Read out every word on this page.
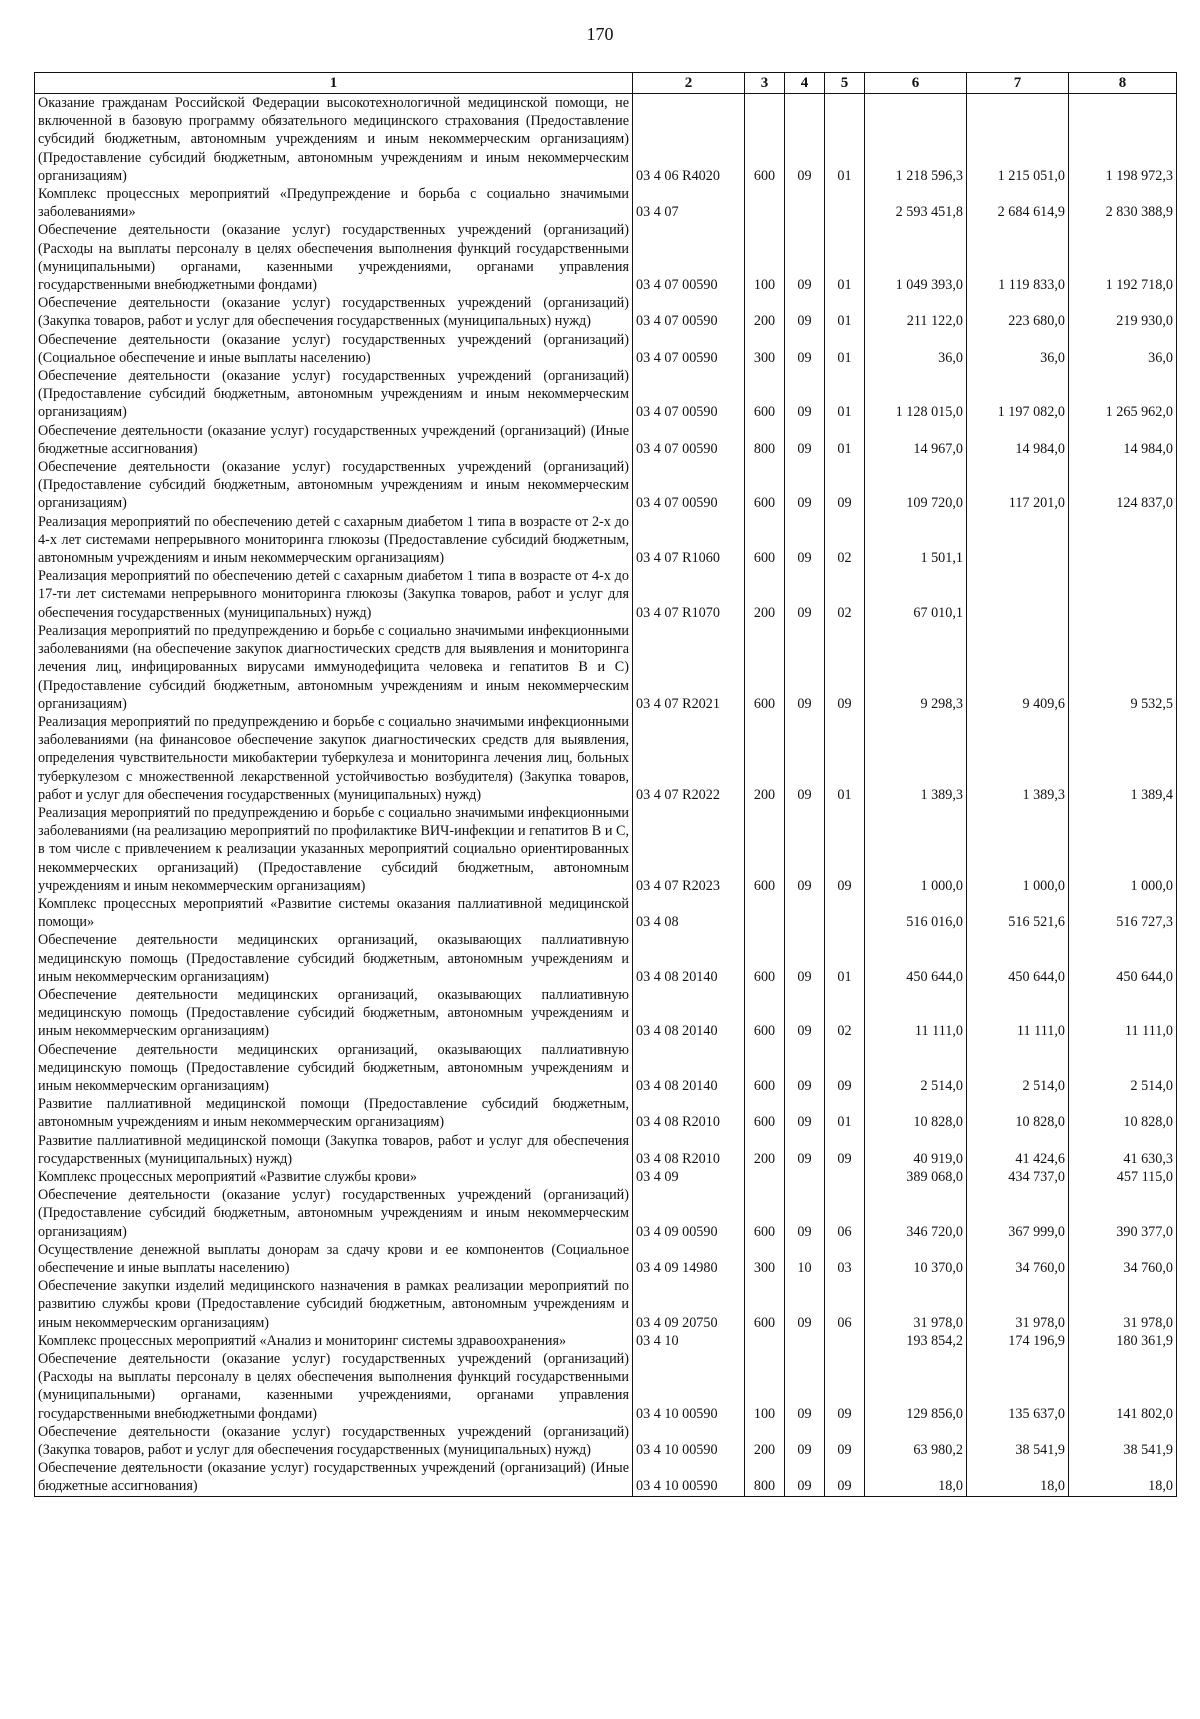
170
1	2	3	4	5	6	7	8
Оказание гражданам Российской Федерации высокотехнологичной медицинской помощи, не включенной в базовую программу обязательного медицинского страхования (Предоставление субсидий бюджетным, автономным учреждениям и иным некоммерческим организациям) (Предоставление субсидий бюджетным, автономным учреждениям и иным некоммерческим организациям)	03 4 06 R4020	600	09	01	1 218 596,3	1 215 051,0	1 198 972,3
Комплекс процессных мероприятий «Предупреждение и борьба с социально значимыми заболеваниями»	03 4 07				2 593 451,8	2 684 614,9	2 830 388,9
Обеспечение деятельности (оказание услуг) государственных учреждений (организаций) (Расходы на выплаты персоналу в целях обеспечения выполнения функций государственными (муниципальными) органами, казенными учреждениями, органами управления государственными внебюджетными фондами)	03 4 07 00590	100	09	01	1 049 393,0	1 119 833,0	1 192 718,0
Обеспечение деятельности (оказание услуг) государственных учреждений (организаций) (Закупка товаров, работ и услуг для обеспечения государственных (муниципальных) нужд)	03 4 07 00590	200	09	01	211 122,0	223 680,0	219 930,0
Обеспечение деятельности (оказание услуг) государственных учреждений (организаций) (Социальное обеспечение и иные выплаты населению)	03 4 07 00590	300	09	01	36,0	36,0	36,0
Обеспечение деятельности (оказание услуг) государственных учреждений (организаций) (Предоставление субсидий бюджетным, автономным учреждениям и иным некоммерческим организациям)	03 4 07 00590	600	09	01	1 128 015,0	1 197 082,0	1 265 962,0
Обеспечение деятельности (оказание услуг) государственных учреждений (организаций) (Иные бюджетные ассигнования)	03 4 07 00590	800	09	01	14 967,0	14 984,0	14 984,0
Обеспечение деятельности (оказание услуг) государственных учреждений (организаций) (Предоставление субсидий бюджетным, автономным учреждениям и иным некоммерческим организациям)	03 4 07 00590	600	09	09	109 720,0	117 201,0	124 837,0
Реализация мероприятий по обеспечению детей с сахарным диабетом 1 типа в возрасте от 2-х до 4-х лет системами непрерывного мониторинга глюкозы (Предоставление субсидий бюджетным, автономным учреждениям и иным некоммерческим организациям)	03 4 07 R1060	600	09	02	1 501,1		
Реализация мероприятий по обеспечению детей с сахарным диабетом 1 типа в возрасте от 4-х до 17-ти лет системами непрерывного мониторинга глюкозы (Закупка товаров, работ и услуг для обеспечения государственных (муниципальных) нужд)	03 4 07 R1070	200	09	02	67 010,1		
Реализация мероприятий по предупреждению и борьбе с социально значимыми инфекционными заболеваниями (на обеспечение закупок диагностических средств для выявления и мониторинга лечения лиц, инфицированных вирусами иммунодефицита человека и гепатитов В и С) (Предоставление субсидий бюджетным, автономным учреждениям и иным некоммерческим организациям)	03 4 07 R2021	600	09	09	9 298,3	9 409,6	9 532,5
Реализация мероприятий по предупреждению и борьбе с социально значимыми инфекционными заболеваниями (на финансовое обеспечение закупок диагностических средств для выявления, определения чувствительности микобактерии туберкулеза и мониторинга лечения лиц, больных туберкулезом с множественной лекарственной устойчивостью возбудителя) (Закупка товаров, работ и услуг для обеспечения государственных (муниципальных) нужд)	03 4 07 R2022	200	09	01	1 389,3	1 389,3	1 389,4
Реализация мероприятий по предупреждению и борьбе с социально значимыми инфекционными заболеваниями (на реализацию мероприятий по профилактике ВИЧ-инфекции и гепатитов В и С, в том числе с привлечением к реализации указанных мероприятий социально ориентированных некоммерческих организаций) (Предоставление субсидий бюджетным, автономным учреждениям и иным некоммерческим организациям)	03 4 07 R2023	600	09	09	1 000,0	1 000,0	1 000,0
Комплекс процессных мероприятий «Развитие системы оказания паллиативной медицинской помощи»	03 4 08				516 016,0	516 521,6	516 727,3
Обеспечение деятельности медицинских организаций, оказывающих паллиативную медицинскую помощь (Предоставление субсидий бюджетным, автономным учреждениям и иным некоммерческим организациям)	03 4 08 20140	600	09	01	450 644,0	450 644,0	450 644,0
Обеспечение деятельности медицинских организаций, оказывающих паллиативную медицинскую помощь (Предоставление субсидий бюджетным, автономным учреждениям и иным некоммерческим организациям)	03 4 08 20140	600	09	02	11 111,0	11 111,0	11 111,0
Обеспечение деятельности медицинских организаций, оказывающих паллиативную медицинскую помощь (Предоставление субсидий бюджетным, автономным учреждениям и иным некоммерческим организациям)	03 4 08 20140	600	09	09	2 514,0	2 514,0	2 514,0
Развитие паллиативной медицинской помощи (Предоставление субсидий бюджетным, автономным учреждениям и иным некоммерческим организациям)	03 4 08 R2010	600	09	01	10 828,0	10 828,0	10 828,0
Развитие паллиативной медицинской помощи (Закупка товаров, работ и услуг для обеспечения государственных (муниципальных) нужд)	03 4 08 R2010	200	09	09	40 919,0	41 424,6	41 630,3
Комплекс процессных мероприятий «Развитие службы крови»	03 4 09				389 068,0	434 737,0	457 115,0
Обеспечение деятельности (оказание услуг) государственных учреждений (организаций) (Предоставление субсидий бюджетным, автономным учреждениям и иным некоммерческим организациям)	03 4 09 00590	600	09	06	346 720,0	367 999,0	390 377,0
Осуществление денежной выплаты донорам за сдачу крови и ее компонентов (Социальное обеспечение и иные выплаты населению)	03 4 09 14980	300	10	03	10 370,0	34 760,0	34 760,0
Обеспечение закупки изделий медицинского назначения в рамках реализации мероприятий по развитию службы крови (Предоставление субсидий бюджетным, автономным учреждениям и иным некоммерческим организациям)	03 4 09 20750	600	09	06	31 978,0	31 978,0	31 978,0
Комплекс процессных мероприятий «Анализ и мониторинг системы здравоохранения»	03 4 10				193 854,2	174 196,9	180 361,9
Обеспечение деятельности (оказание услуг) государственных учреждений (организаций) (Расходы на выплаты персоналу в целях обеспечения выполнения функций государственными (муниципальными) органами, казенными учреждениями, органами управления государственными внебюджетными фондами)	03 4 10 00590	100	09	09	129 856,0	135 637,0	141 802,0
Обеспечение деятельности (оказание услуг) государственных учреждений (организаций) (Закупка товаров, работ и услуг для обеспечения государственных (муниципальных) нужд)	03 4 10 00590	200	09	09	63 980,2	38 541,9	38 541,9
Обеспечение деятельности (оказание услуг) государственных учреждений (организаций) (Иные бюджетные ассигнования)	03 4 10 00590	800	09	09	18,0	18,0	18,0
